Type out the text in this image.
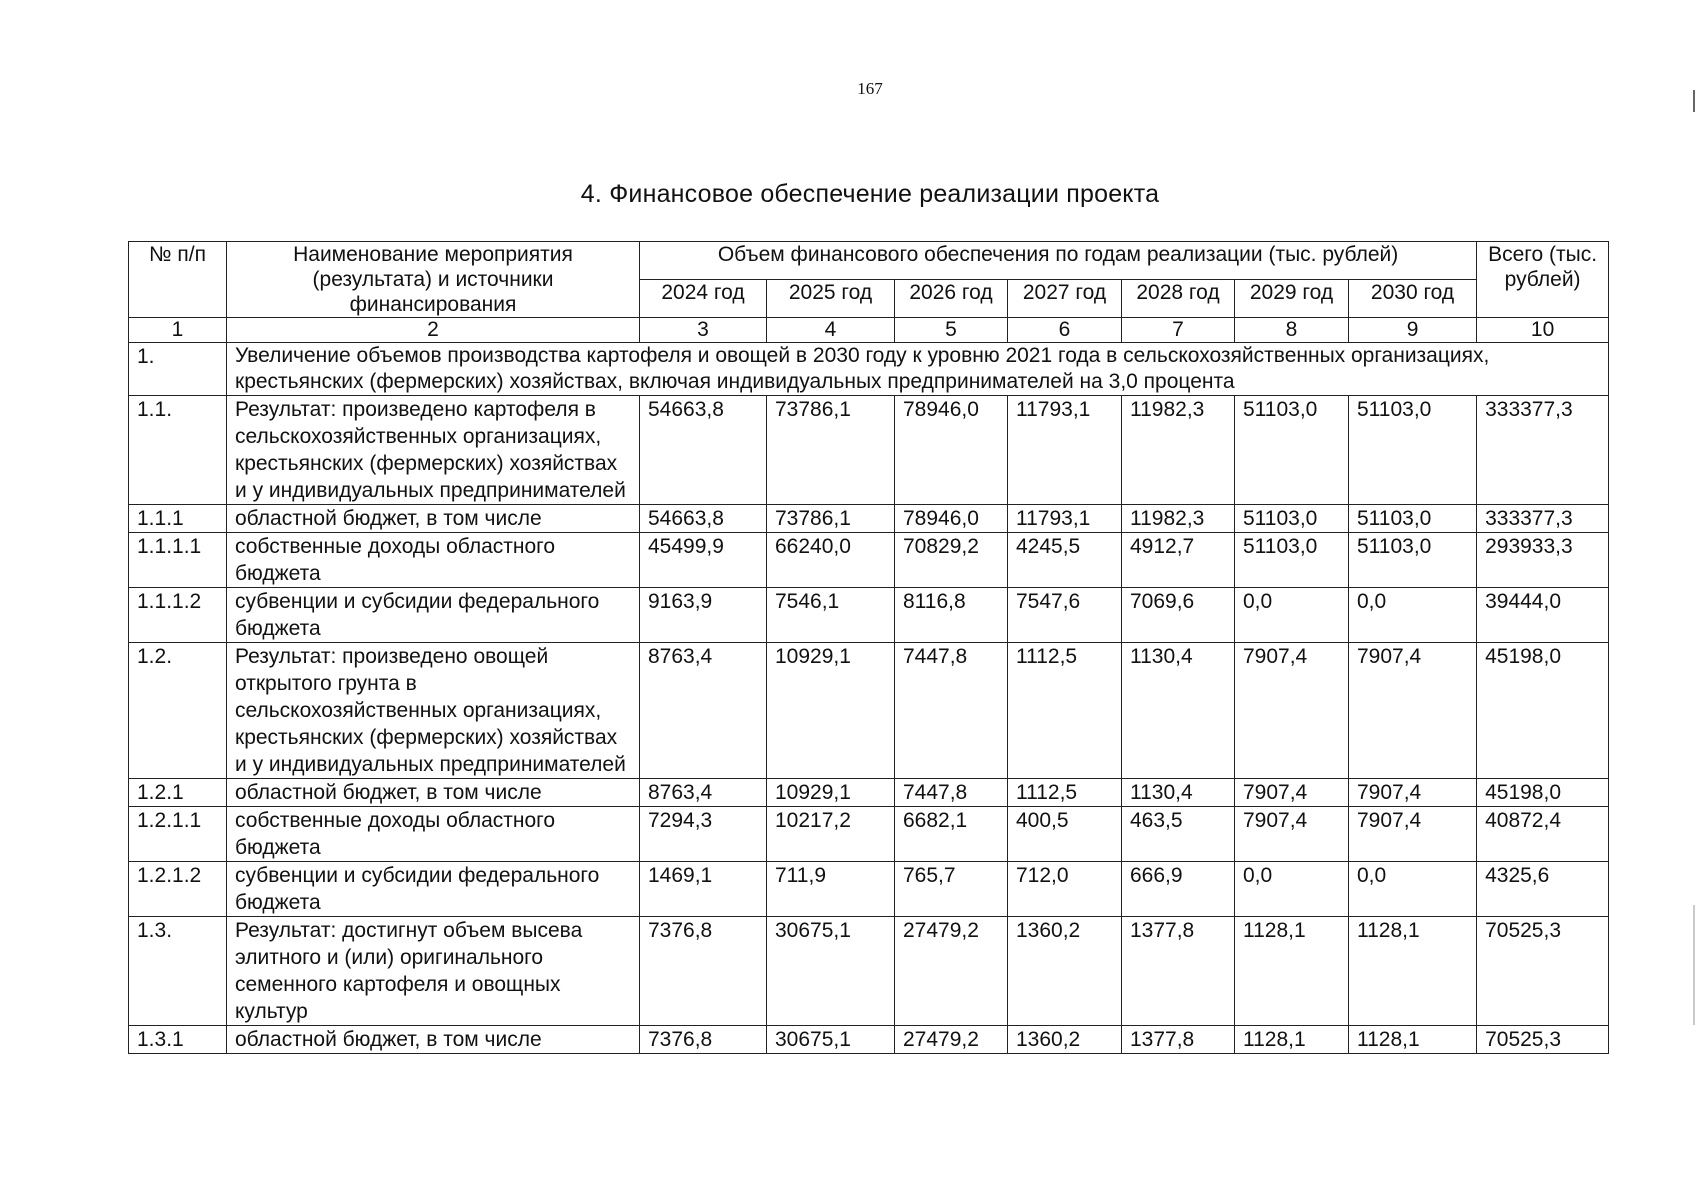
167
4. Финансовое обеспечение реализации проекта
№ п/п	Наименование мероприятия (результата) и источники финансирования	Объем финансового обеспечения по годам реализации (тыс. рублей)							Всего (тыс. рублей)
		2024 год	2025 год	2026 год	2027 год	2028 год	2029 год	2030 год	
1	2	3	4	5	6	7	8	9	10
1.	Увеличение объемов производства картофеля и овощей в 2030 году к уровню 2021 года в сельскохозяйственных организациях, крестьянских (фермерских) хозяйствах, включая индивидуальных предпринимателей на 3,0 процента								
1.1.	Результат: произведено картофеля в сельскохозяйственных организациях, крестьянских (фермерских) хозяйствах и у индивидуальных предпринимателей	54663,8	73786,1	78946,0	11793,1	11982,3	51103,0	51103,0	333377,3
1.1.1	областной бюджет, в том числе	54663,8	73786,1	78946,0	11793,1	11982,3	51103,0	51103,0	333377,3
1.1.1.1	собственные доходы областного бюджета	45499,9	66240,0	70829,2	4245,5	4912,7	51103,0	51103,0	293933,3
1.1.1.2	субвенции и субсидии федерального бюджета	9163,9	7546,1	8116,8	7547,6	7069,6	0,0	0,0	39444,0
1.2.	Результат: произведено овощей открытого грунта в сельскохозяйственных организациях, крестьянских (фермерских) хозяйствах и у индивидуальных предпринимателей	8763,4	10929,1	7447,8	1112,5	1130,4	7907,4	7907,4	45198,0
1.2.1	областной бюджет, в том числе	8763,4	10929,1	7447,8	1112,5	1130,4	7907,4	7907,4	45198,0
1.2.1.1	собственные доходы областного бюджета	7294,3	10217,2	6682,1	400,5	463,5	7907,4	7907,4	40872,4
1.2.1.2	субвенции и субсидии федерального бюджета	1469,1	711,9	765,7	712,0	666,9	0,0	0,0	4325,6
1.3.	Результат: достигнут объем высева элитного и (или) оригинального семенного картофеля и овощных культур	7376,8	30675,1	27479,2	1360,2	1377,8	1128,1	1128,1	70525,3
1.3.1	областной бюджет, в том числе	7376,8	30675,1	27479,2	1360,2	1377,8	1128,1	1128,1	70525,3
